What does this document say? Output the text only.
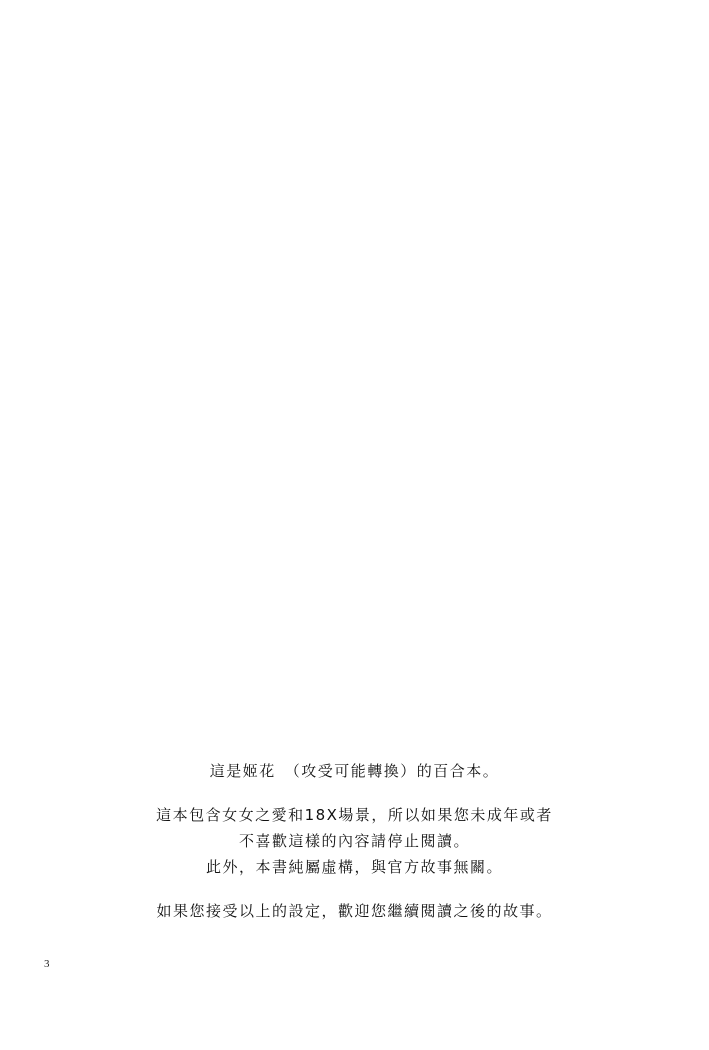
這是姬花　（攻受可能轉換）的百合本。
這本包含女女之愛和18X場景，所以如果您未成年或者
不喜歡這樣的內容請停止閱讀。
此外，本書純屬虛構，與官方故事無關。
如果您接受以上的設定，歡迎您繼續閱讀之後的故事。
3
